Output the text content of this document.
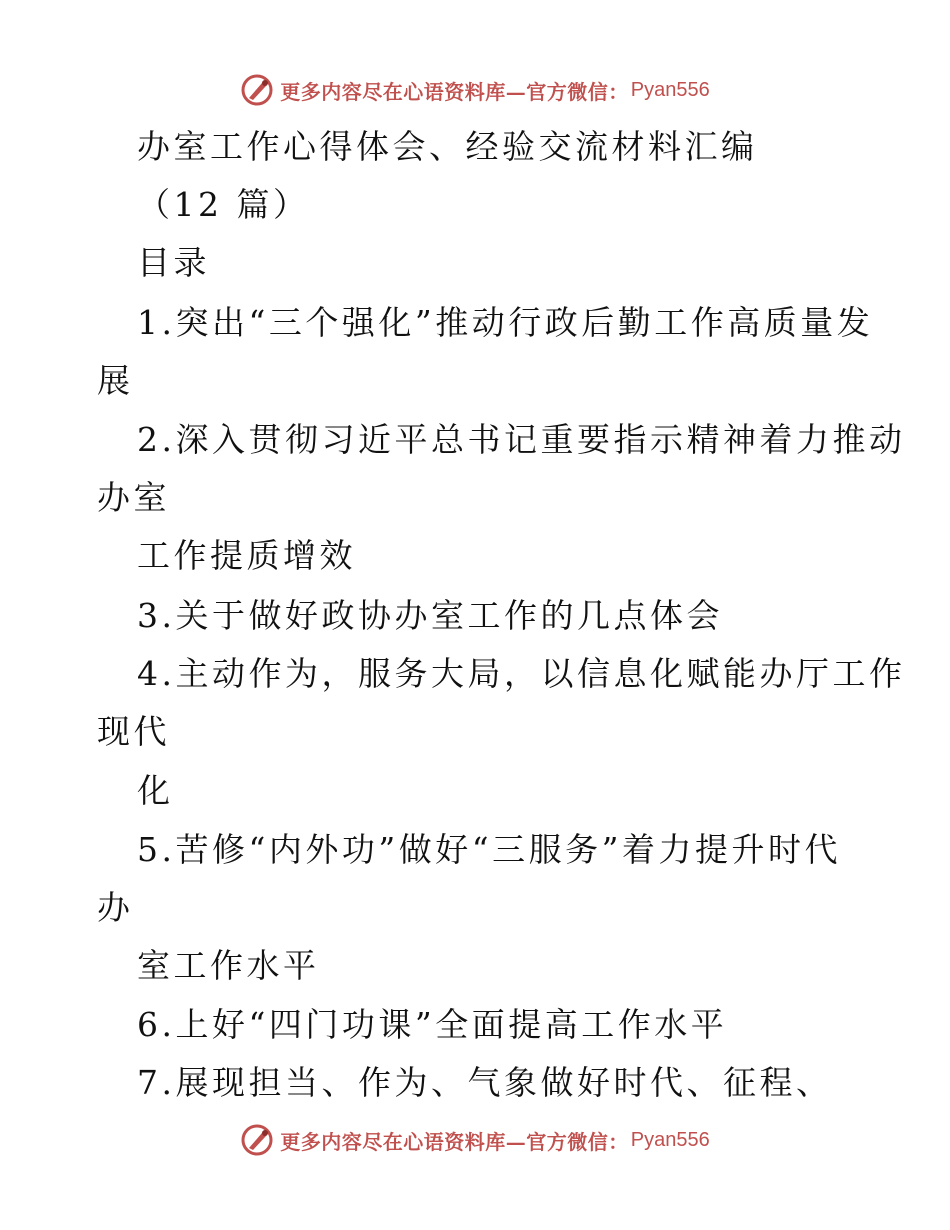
更多内容尽在心语资料库—官方微信： Pyan556
办室工作心得体会、经验交流材料汇编
（12 篇）
目录
1.突出“三个强化”推动行政后勤工作高质量发
展
2.深入贯彻习近平总书记重要指示精神着力推动
办室
工作提质增效
3.关于做好政协办室工作的几点体会
4.主动作为，服务大局，以信息化赋能办厅工作
现代
化
5.苦修“内外功”做好“三服务”着力提升时代
办
室工作水平
6.上好“四门功课”全面提高工作水平
7.展现担当、作为、气象做好时代、征程、
更多内容尽在心语资料库—官方微信： Pyan556
